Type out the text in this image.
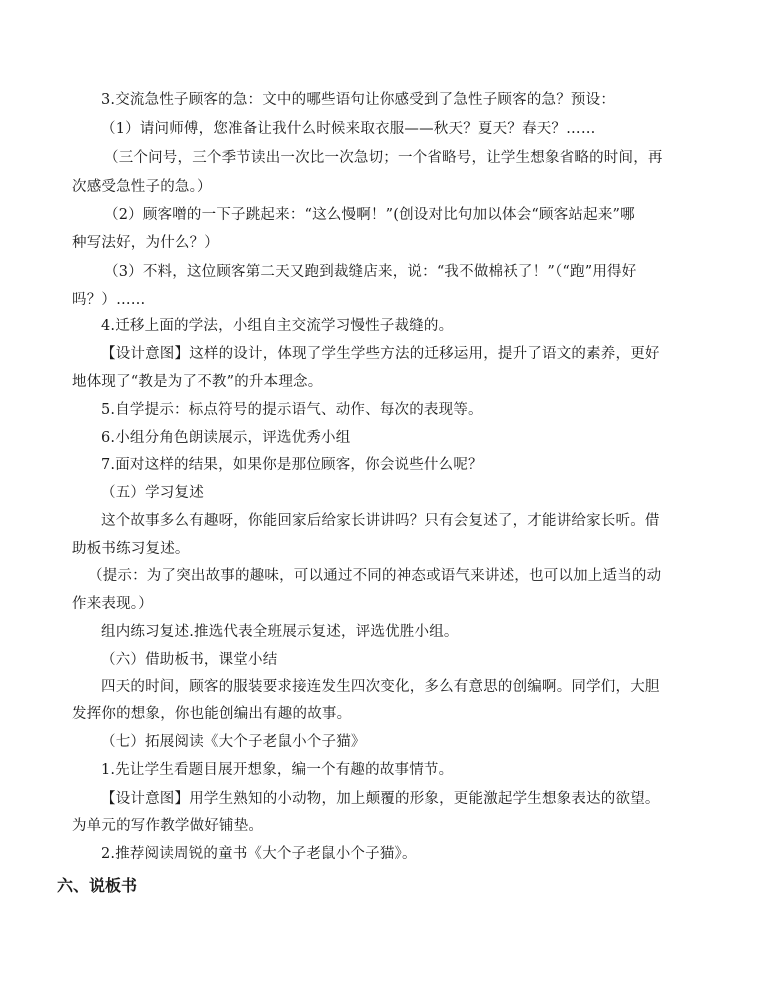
3.交流急性子顾客的急：文中的哪些语句让你感受到了急性子顾客的急？预设：
（1）请问师傅，您准备让我什么时候来取衣服——秋天？夏天？春天？……
（三个问号，三个季节读出一次比一次急切；一个省略号，让学生想象省略的时间，再
次感受急性子的急。）
（2）顾客噌的一下子跳起来：“这么慢啊！”(创设对比句加以体会“顾客站起来”哪
种写法好，为什么？）
（3）不料，这位顾客第二天又跑到裁缝店来，说：“我不做棉袄了！”（“跑”用得好
吗？）……
4.迁移上面的学法，小组自主交流学习慢性子裁缝的。
【设计意图】这样的设计，体现了学生学些方法的迁移运用，提升了语文的素养，更好
地体现了“教是为了不教”的升本理念。
5.自学提示：标点符号的提示语气、动作、每次的表现等。
6.小组分角色朗读展示，评选优秀小组
7.面对这样的结果，如果你是那位顾客，你会说些什么呢？
（五）学习复述
这个故事多么有趣呀，你能回家后给家长讲讲吗？只有会复述了，才能讲给家长听。借
助板书练习复述。
（提示：为了突出故事的趣味，可以通过不同的神态或语气来讲述，也可以加上适当的动
作来表现。）
组内练习复述.推选代表全班展示复述，评选优胜小组。
（六）借助板书，课堂小结
四天的时间，顾客的服装要求接连发生四次变化，多么有意思的创编啊。同学们，大胆
发挥你的想象，你也能创编出有趣的故事。
（七）拓展阅读《大个子老鼠小个子猫》
1.先让学生看题目展开想象，编一个有趣的故事情节。
【设计意图】用学生熟知的小动物，加上颠覆的形象，更能激起学生想象表达的欲望。
为单元的写作教学做好铺垫。
2.推荐阅读周锐的童书《大个子老鼠小个子猫》。
六、说板书
